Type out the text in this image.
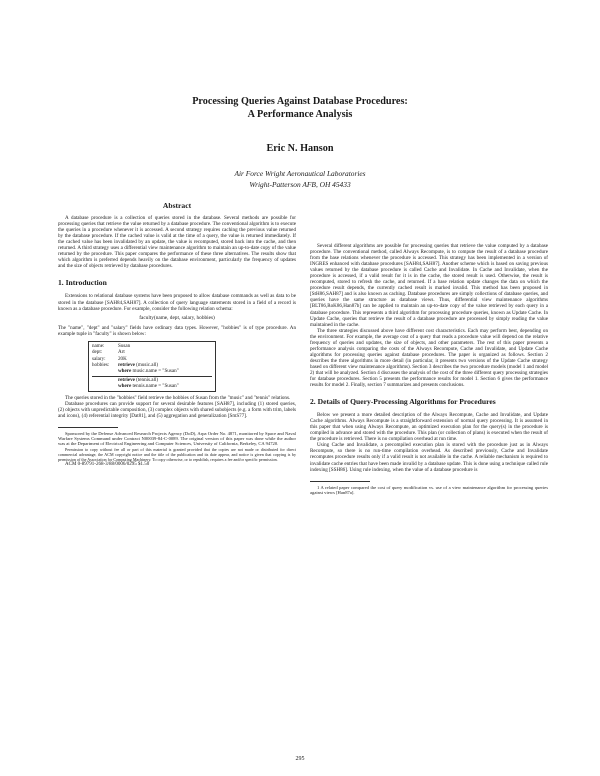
Processing Queries Against Database Procedures:
A Performance Analysis
Eric N. Hanson
Air Force Wright Aeronautical Laboratories
Wright-Patterson AFB, OH 45433
Abstract

A database procedure is a collection of queries stored in the database. Several methods are possible for processing queries that retrieve the value returned by a database procedure. The conventional algorithm is to execute the queries in a procedure whenever it is accessed. A second strategy requires caching the previous value returned by the database procedure. If the cached value is valid at the time of a query, the value is returned immediately. If the cached value has been invalidated by an update, the value is recomputed, stored back into the cache, and then returned. A third strategy uses a differential view maintenance algorithm to maintain an up-to-date copy of the value returned by the procedure. This paper compares the performance of these three alternatives. The results show that which algorithm is preferred depends heavily on the database environment, particularly the frequency of updates and the size of objects retrieved by database procedures.

1. Introduction

Extensions to relational database systems have been proposed to allow database commands as well as data to be stored in the database [SAH84,SAH87]. A collection of query language statements stored in a field of a record is known as a database procedure. For example, consider the following relation schema:

faculty(name, dept, salary, hobbies)

The "name", "dept" and "salary" fields have ordinary data types. However, "hobbies" is of type procedure. An example tuple in "faculty" is shown below:

name:	Susan
dept:	Art
salary:	20K
hobbies:	retrieve (music.all)
where music.name = "Susan"
retrieve (tennis.all)
where tennis.name = "Susan"

The queries stored in the "hobbies" field retrieve the hobbies of Susan from the "music" and "tennis" relations.

Database procedures can provide support for several desirable features [SAH87], including (1) stored queries, (2) objects with unpredictable composition, (3) complex objects with shared subobjects (e.g. a form with trim, labels and icons), (4) referential integrity [Dat81], and (5) aggregation and generalization [SmS77].

Sponsored by the Defense Advanced Research Projects Agency (DoD), Arpa Order No. 4871, monitored by Space and Naval Warfare Systems Command under Contract N00039-84-C-0089. The original version of this paper was done while the author was at the Department of Electrical Engineering and Computer Sciences, University of California, Berkeley, CA 94720.

Permission to copy without fee all or part of this material is granted provided that the copies are not made or distributed for direct commercial advantage, the ACM copyright notice and the title of the publication and its date appear, and notice is given that copying is by permission of the Association for Computing Machinery. To copy otherwise, or to republish, requires a fee and/or specific permission.

ACM 0-89791-268-3/88/0006/0295 $1.50

Several different algorithms are possible for processing queries that retrieve the value computed by a database procedure. The conventional method, called Always Recompute, is to compute the result of a database procedure from the base relations whenever the procedure is accessed. This strategy has been implemented in a version of INGRES enhanced with database procedures [SAH84,SAH87]. Another scheme which is based on saving previous values returned by the database procedure is called Cache and Invalidate. In Cache and Invalidate, when the procedure is accessed, if a valid result for it is in the cache, the stored result is used. Otherwise, the result is recomputed, stored to refresh the cache, and returned. If a base relation update changes the data on which the procedure result depends, the currently cached result is marked invalid. This method has been proposed in [StH86,SAH87] and is also known as caching. Database procedures are simply collections of database queries, and queries have the same structure as database views. Thus, differential view maintenance algorithms [BLT86,RoK86,Han87b] can be applied to maintain an up-to-date copy of the value retrieved by each query in a database procedure. This represents a third algorithm for processing procedure queries, known as Update Cache. In Update Cache, queries that retrieve the result of a database procedure are processed by simply reading the value maintained in the cache.

The three strategies discussed above have different cost characteristics. Each may perform best, depending on the environment. For example, the average cost of a query that reads a procedure value will depend on the relative frequency of queries and updates, the size of objects, and other parameters. The rest of this paper presents a performance analysis comparing the costs of the Always Recompute, Cache and Invalidate, and Update Cache algorithms for processing queries against database procedures. The paper is organized as follows. Section 2 describes the three algorithms in more detail (in particular, it presents two versions of the Update Cache strategy based on different view maintenance algorithms). Section 3 describes the two procedure models (model 1 and model 2) that will be analyzed. Section 4 discusses the analysis of the cost of the three different query processing strategies for database procedures. Section 5 presents the performance results for model 1. Section 6 gives the performance results for model 2. Finally, section 7 summarizes and presents conclusions.

2. Details of Query-Processing Algorithms for Procedures

Below we present a more detailed description of the Always Recompute, Cache and Invalidate, and Update Cache algorithms. Always Recompute is a straightforward extension of normal query processing. It is assumed in this paper that when using Always Recompute, an optimized execution plan for the query(s) in the procedure is compiled in advance and stored with the procedure. This plan (or collection of plans) is executed when the result of the procedure is retrieved. There is no compilation overhead at run time.

Using Cache and Invalidate, a precompiled execution plan is stored with the procedure just as in Always Recompute, so there is no run-time compilation overhead. As described previously, Cache and Invalidate recomputes procedure results only if a valid result is not available in the cache. A reliable mechanism is required to invalidate cache entries that have been made invalid by a database update. This is done using a technique called rule indexing [SSH86]. Using rule indexing, when the value of a database procedure is

1 A related paper compared the cost of query modification vs. use of a view maintenance algorithm for processing queries against views [Han87a].

295
